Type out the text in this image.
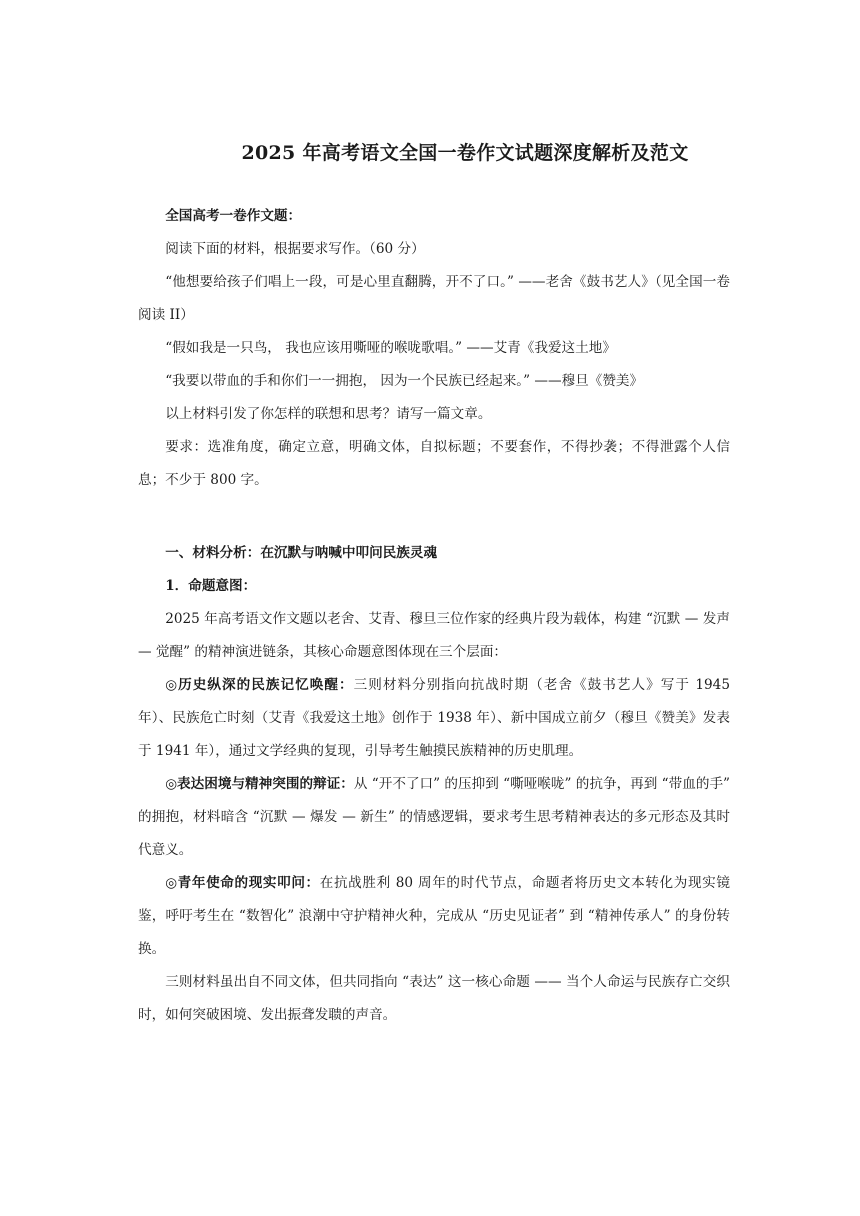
2025 年高考语文全国一卷作文试题深度解析及范文

全国高考一卷作文题：

阅读下面的材料，根据要求写作。（60 分）

“他想要给孩子们唱上一段，可是心里直翻腾，开不了口。” ——老舍《鼓书艺人》（见全国一卷阅读 II）

“假如我是一只鸟， 我也应该用嘶哑的喉咙歌唱。” ——艾青《我爱这土地》

“我要以带血的手和你们一一拥抱， 因为一个民族已经起来。” ——穆旦《赞美》

以上材料引发了你怎样的联想和思考？请写一篇文章。

要求：选准角度，确定立意，明确文体，自拟标题；不要套作，不得抄袭；不得泄露个人信息；不少于 800 字。

一、材料分析：在沉默与呐喊中叩问民族灵魂

1．命题意图：

2025 年高考语文作文题以老舍、艾青、穆旦三位作家的经典片段为载体，构建 “沉默 — 发声 — 觉醒” 的精神演进链条，其核心命题意图体现在三个层面：

◎历史纵深的民族记忆唤醒：三则材料分别指向抗战时期（老舍《鼓书艺人》写于 1945 年）、民族危亡时刻（艾青《我爱这土地》创作于 1938 年）、新中国成立前夕（穆旦《赞美》发表于 1941 年），通过文学经典的复现，引导考生触摸民族精神的历史肌理。

◎表达困境与精神突围的辩证：从 “开不了口” 的压抑到 “嘶哑喉咙” 的抗争，再到 “带血的手” 的拥抱，材料暗含 “沉默 — 爆发 — 新生” 的情感逻辑，要求考生思考精神表达的多元形态及其时代意义。

◎青年使命的现实叩问：在抗战胜利 80 周年的时代节点，命题者将历史文本转化为现实镜鉴，呼吁考生在 “数智化” 浪潮中守护精神火种，完成从 “历史见证者” 到 “精神传承人” 的身份转换。

三则材料虽出自不同文体，但共同指向 “表达” 这一核心命题 —— 当个人命运与民族存亡交织时，如何突破困境、发出振聋发聩的声音。
